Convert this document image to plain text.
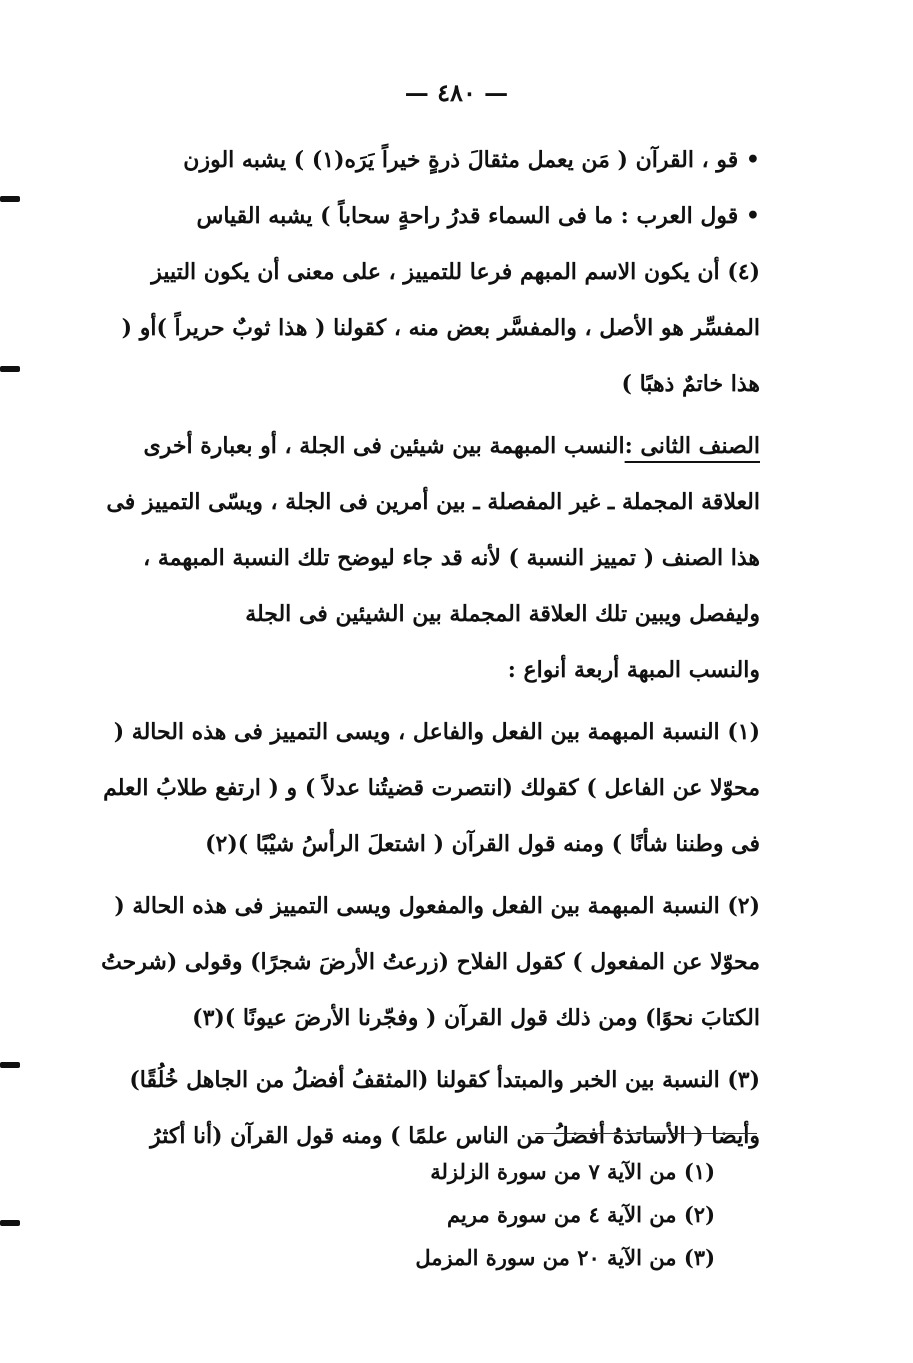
— ٤٨٠ —

• قو ، القرآن ( مَن يعمل مثقالَ ذرةٍ خيراً يَرَه(١) ) يشبه الوزن

• قول العرب : ما فى السماء قدرُ راحةٍ سحاباً ) يشبه القياس

(٤) أن يكون الاسم المبهم فرعا للتمييز ، على معنى أن يكون التييز المفسِّر هو الأصل ، والمفسَّر بعض منه ، كقولنا ( هذا ثوبٌ حريراً )أو ( هذا خاتمٌ ذهبًا )

الصنف الثانى :النسب المبهمة بين شيئين فى الجلة ، أو بعبارة أخرى العلاقة المجملة ـ غير المفصلة ـ بين أمرين فى الجلة ، ويسّى التمييز فى هذا الصنف ( تمييز النسبة ) لأنه قد جاء ليوضح تلك النسبة المبهمة ، وليفصل ويبين تلك العلاقة المجملة بين الشيئين فى الجلة

والنسب المبهة أربعة أنواع :

(١) النسبة المبهمة بين الفعل والفاعل ، ويسى التمييز فى هذه الحالة ( محوّلا عن الفاعل ) كقولك (انتصرت قضيتُنا عدلاً ) و ( ارتفع طلابُ العلم فى وطننا شأنًا ) ومنه قول القرآن ( اشتعلَ الرأسُ شيْبًا )(٢)

(٢) النسبة المبهمة بين الفعل والمفعول ويسى التمييز فى هذه الحالة ( محوّلا عن المفعول ) كقول الفلاح (زرعتُ الأرضَ شجرًا) وقولى (شرحتُ الكتابَ نحوًا) ومن ذلك قول القرآن ( وفجّرنا الأرضَ عيونًا )(٣)

(٣) النسبة بين الخبر والمبتدأ كقولنا (المثقفُ أفضلُ من الجاهل خُلُقًا) وأيضا ( الأساتذهُ أفضلُ من الناس علمًا ) ومنه قول القرآن (أنا أكثرُ

(١) من الآية ٧ من سورة الزلزلة

(٢) من الآية ٤ من سورة مريم

(٣) من الآية ٢٠ من سورة المزمل
